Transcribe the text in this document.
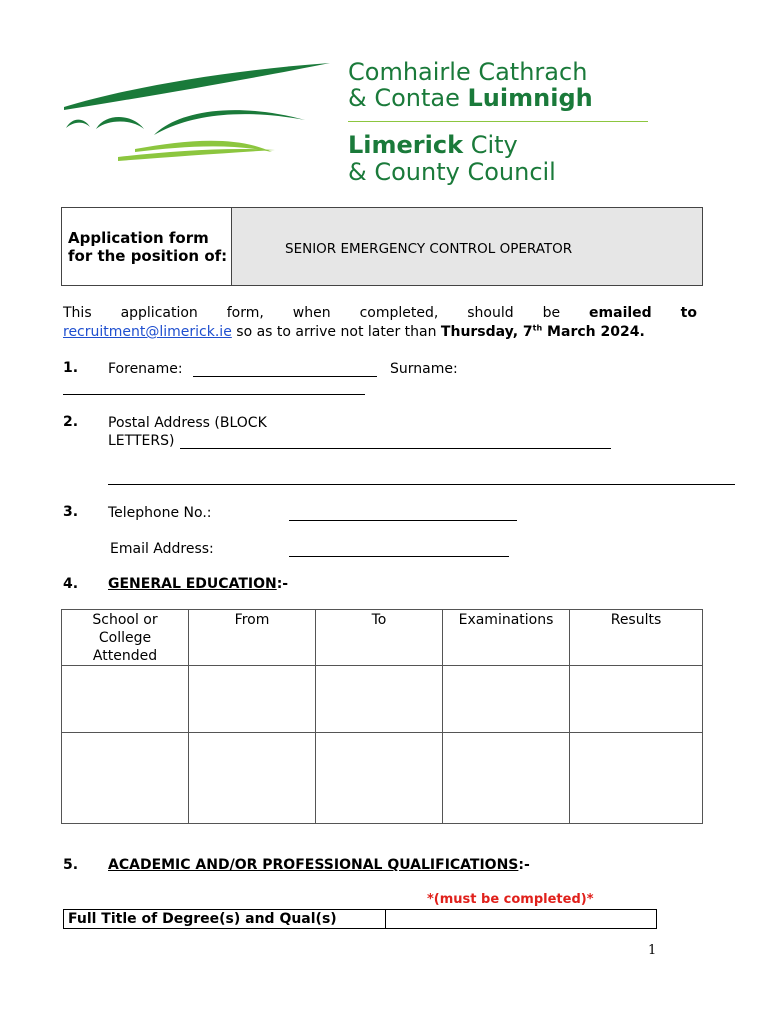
Comhairle Cathrach
& Contae Luimnigh
Limerick City
& County Council
Application form for the position of:	SENIOR EMERGENCY CONTROL OPERATOR
This application form, when completed, should be emailed to
recruitment@limerick.ie so as to arrive not later than Thursday, 7th March 2024.
1. Forename:	Surname:
2. Postal Address (BLOCK
LETTERS)
3. Telephone No.:
Email Address:
4. GENERAL EDUCATION:-
School or College Attended	From	To	Examinations	Results

5. ACADEMIC AND/OR PROFESSIONAL QUALIFICATIONS:-
*(must be completed)*
Full Title of Degree(s) and Qual(s)
1
